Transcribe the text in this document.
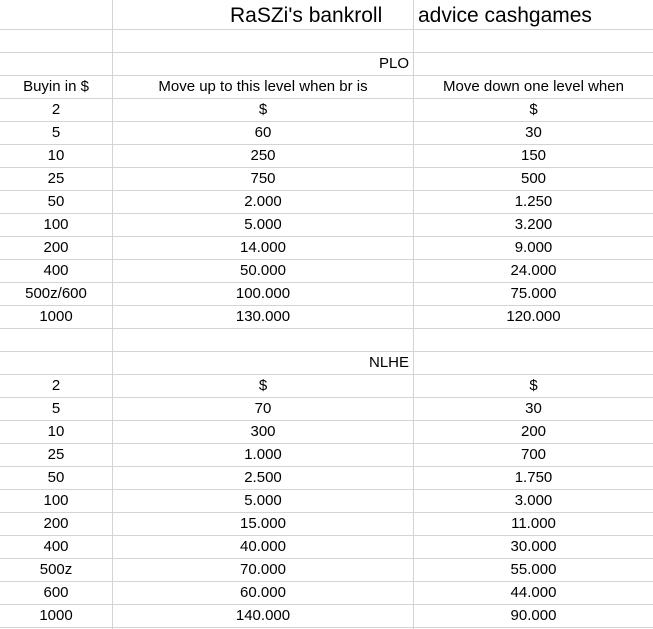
RaSZi's bankroll	advice cashgames
PLO
Buyin in $	Move up to this level when br is	Move down one level when
2	$	$
5	60	30
10	250	150
25	750	500
50	2.000	1.250
100	5.000	3.200
200	14.000	9.000
400	50.000	24.000
500z/600	100.000	75.000
1000	130.000	120.000
NLHE
2	$	$
5	70	30
10	300	200
25	1.000	700
50	2.500	1.750
100	5.000	3.000
200	15.000	11.000
400	40.000	30.000
500z	70.000	55.000
600	60.000	44.000
1000	140.000	90.000
